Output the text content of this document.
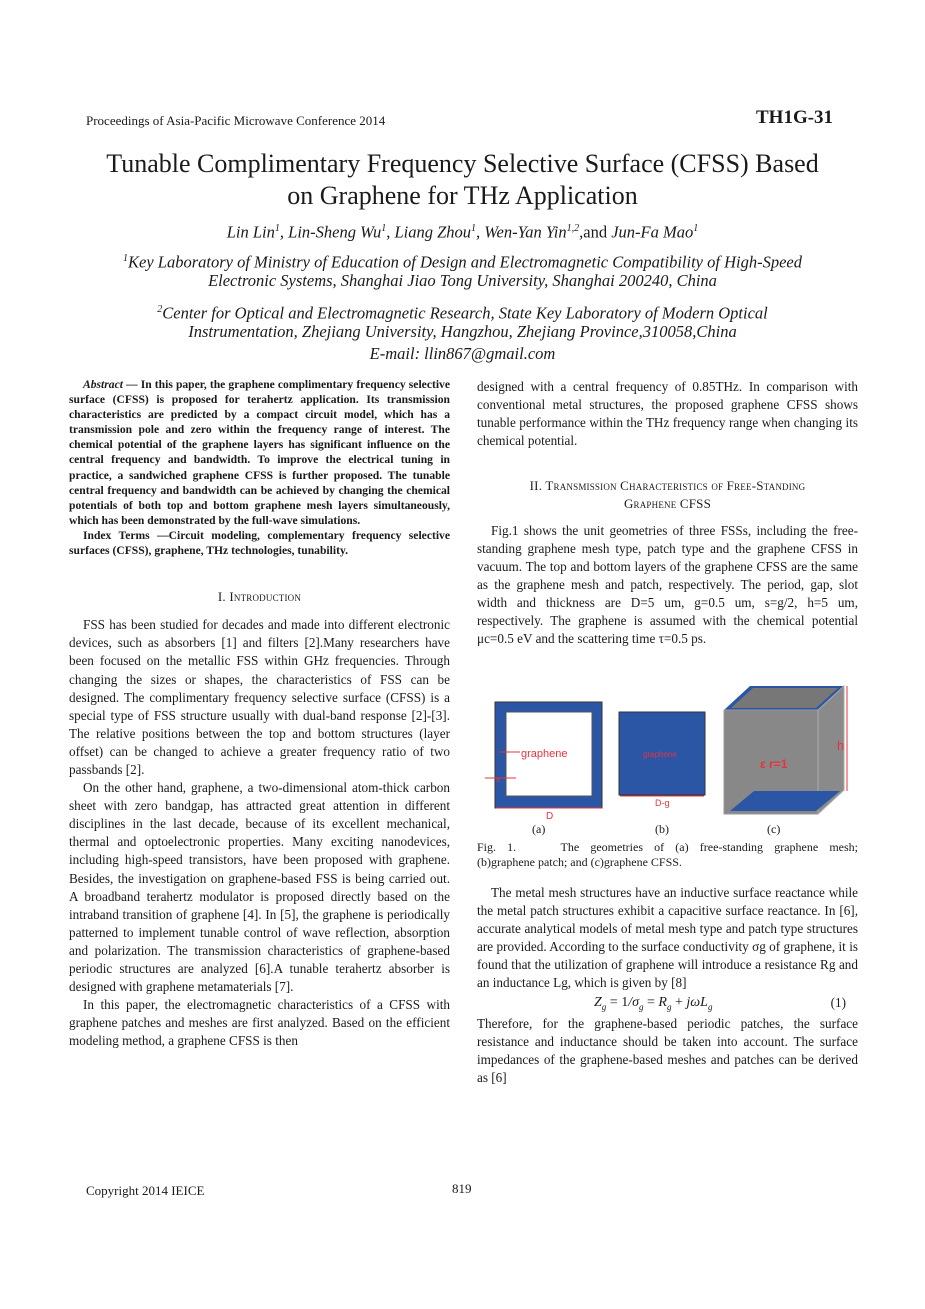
Proceedings of Asia-Pacific Microwave Conference 2014	TH1G-31
Tunable Complimentary Frequency Selective Surface (CFSS) Based
on Graphene for THz Application
Lin Lin$^1$, Lin-Sheng Wu$^1$, Liang Zhou$^1$, Wen-Yan Yin$^{1,2}$,and Jun-Fa Mao$^1$
$^1$Key Laboratory of Ministry of Education of Design and Electromagnetic Compatibility of High-Speed
Electronic Systems, Shanghai Jiao Tong University, Shanghai 200240, China
$^2$Center for Optical and Electromagnetic Research, State Key Laboratory of Modern Optical
Instrumentation, Zhejiang University, Hangzhou, Zhejiang Province,310058,China
E-mail: llin867@gmail.com

Abstract — In this paper, the graphene complimentary frequency selective surface (CFSS) is proposed for terahertz application. Its transmission characteristics are predicted by a compact circuit model, which has a transmission pole and zero within the frequency range of interest. The chemical potential of the graphene layers has significant influence on the central frequency and bandwidth. To improve the electrical tuning in practice, a sandwiched graphene CFSS is further proposed. The tunable central frequency and bandwidth can be achieved by changing the chemical potentials of both top and bottom graphene mesh layers simultaneously, which has been demonstrated by the full-wave simulations.

Index Terms —Circuit modeling, complementary frequency selective surfaces (CFSS), graphene, THz technologies, tunability.

I. Introduction

FSS has been studied for decades and made into different electronic devices, such as absorbers [1] and filters [2].Many researchers have been focused on the metallic FSS within GHz frequencies. Through changing the sizes or shapes, the characteristics of FSS can be designed. The complimentary frequency selective surface (CFSS) is a special type of FSS structure usually with dual-band response [2]-[3]. The relative positions between the top and bottom structures (layer offset) can be changed to achieve a greater frequency ratio of two passbands [2].

On the other hand, graphene, a two-dimensional atom-thick carbon sheet with zero bandgap, has attracted great attention in different disciplines in the last decade, because of its excellent mechanical, thermal and optoelectronic properties. Many exciting nanodevices, including high-speed transistors, have been proposed with graphene. Besides, the investigation on graphene-based FSS is being carried out. A broadband terahertz modulator is proposed directly based on the intraband transition of graphene [4]. In [5], the graphene is periodically patterned to implement tunable control of wave reflection, absorption and polarization. The transmission characteristics of graphene-based periodic structures are analyzed [6].A tunable terahertz absorber is designed with graphene metamaterials [7].

In this paper, the electromagnetic characteristics of a CFSS with graphene patches and meshes are first analyzed. Based on the efficient modeling method, a graphene CFSS is then

designed with a central frequency of 0.85THz. In comparison with conventional metal structures, the proposed graphene CFSS shows tunable performance within the THz frequency range when changing its chemical potential.

II. Transmission Characteristics of Free-Standing
Graphene CFSS

Fig.1 shows the unit geometries of three FSSs, including the free-standing graphene mesh type, patch type and the graphene CFSS in vacuum. The top and bottom layers of the graphene CFSS are the same as the graphene mesh and patch, respectively. The period, gap, slot width and thickness are D=5 um, g=0.5 um, s=g/2, h=5 um, respectively. The graphene is assumed with the chemical potential μc=0.5 eV and the scattering time τ=0.5 ps.

graphene
s
D
graphene
D-g
h
ε r=1
(a)	(b)	(c)
Fig. 1.    The geometries of (a) free-standing graphene mesh;
(b)graphene patch; and (c)graphene CFSS.

The metal mesh structures have an inductive surface reactance while the metal patch structures exhibit a capacitive surface reactance. In [6], accurate analytical models of metal mesh type and patch type structures are provided. According to the surface conductivity σg of graphene, it is found that the utilization of graphene will introduce a resistance Rg and an inductance Lg, which is given by [8]

$Z_g = 1/\sigma_g = R_g + j\omega L_g$	(1)

Therefore, for the graphene-based periodic patches, the surface resistance and inductance should be taken into account. The surface impedances of the graphene-based meshes and patches can be derived as [6]

Copyright 2014 IEICE	819
